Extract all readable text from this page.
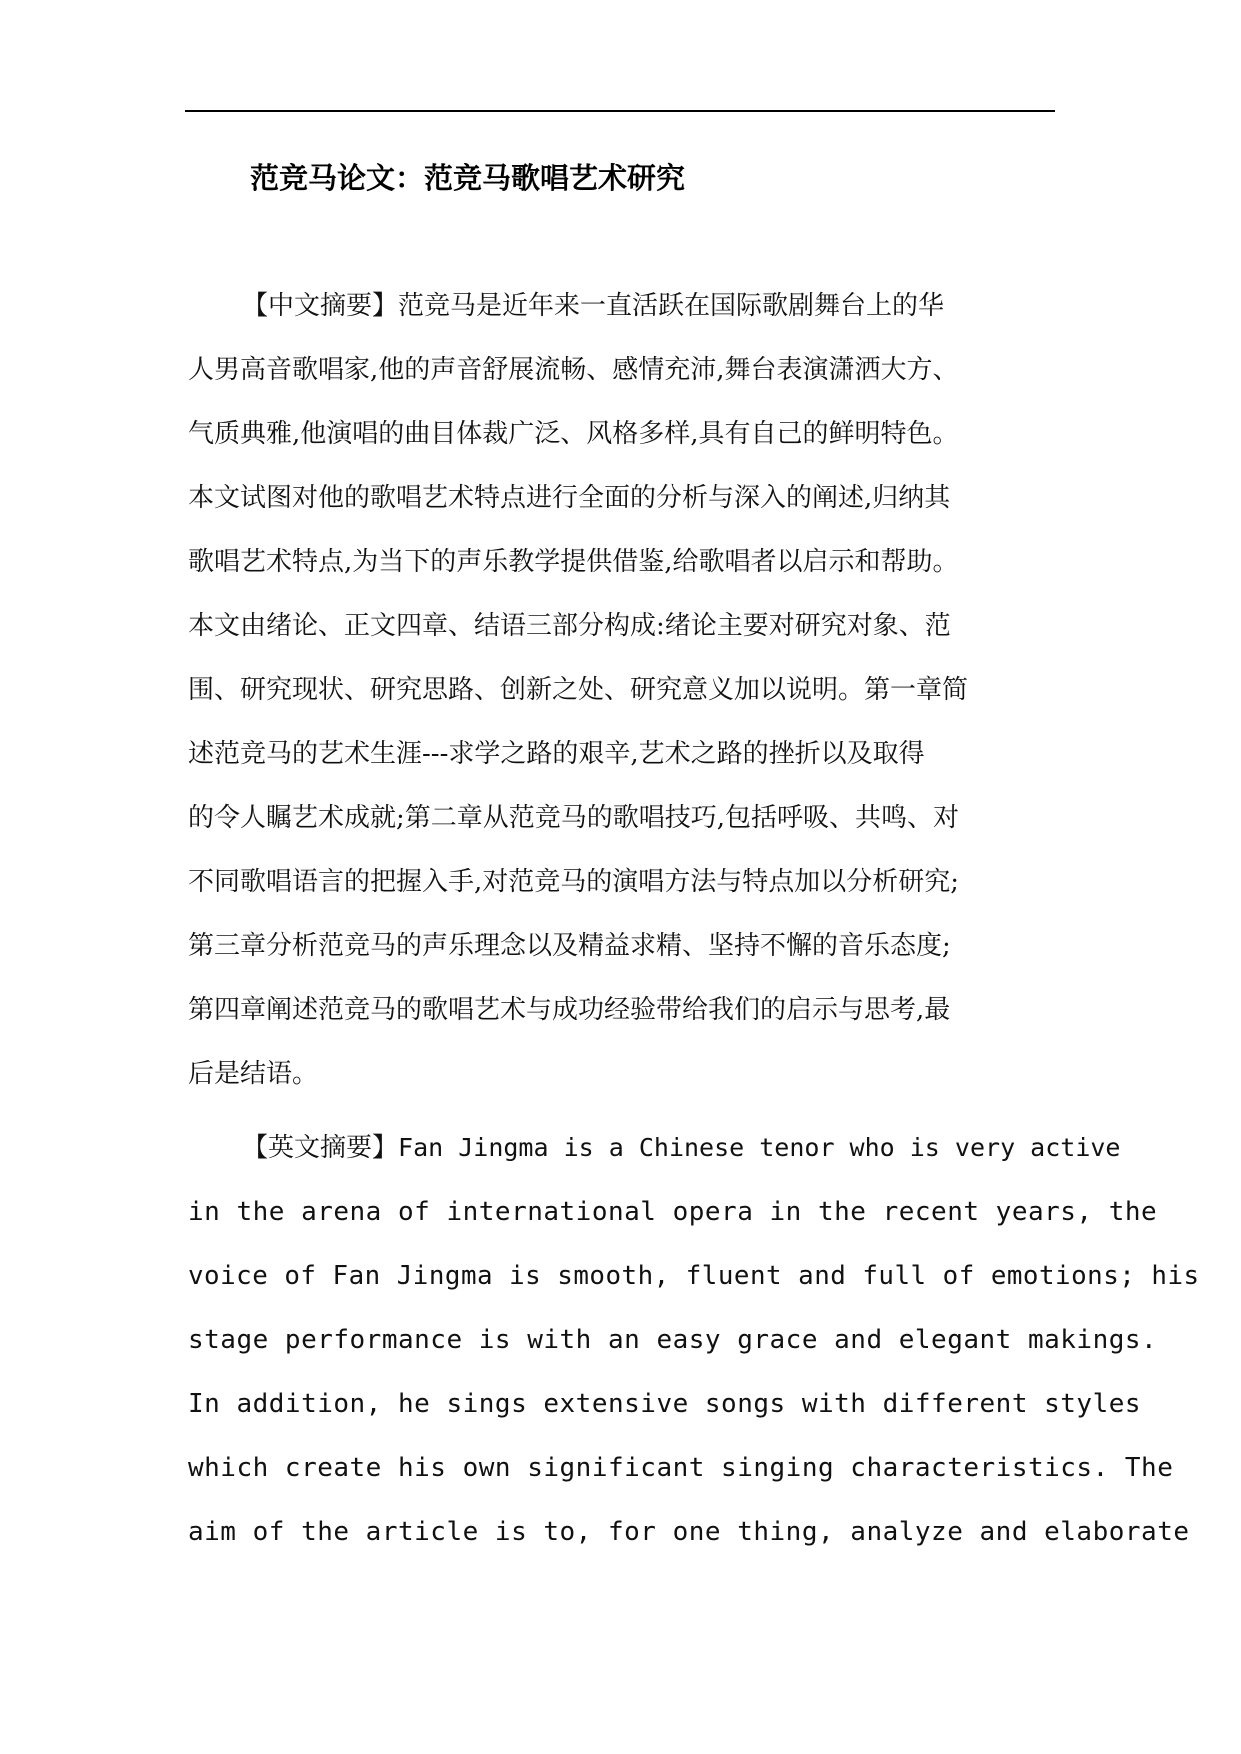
范竞马论文：范竞马歌唱艺术研究

【中文摘要】范竞马是近年来一直活跃在国际歌剧舞台上的华

人男高音歌唱家,他的声音舒展流畅、感情充沛,舞台表演潇洒大方、

气质典雅,他演唱的曲目体裁广泛、风格多样,具有自己的鲜明特色。

本文试图对他的歌唱艺术特点进行全面的分析与深入的阐述,归纳其

歌唱艺术特点,为当下的声乐教学提供借鉴,给歌唱者以启示和帮助。

本文由绪论、正文四章、结语三部分构成:绪论主要对研究对象、范

围、研究现状、研究思路、创新之处、研究意义加以说明。第一章简

述范竞马的艺术生涯---求学之路的艰辛,艺术之路的挫折以及取得

的令人瞩艺术成就;第二章从范竞马的歌唱技巧,包括呼吸、共鸣、对

不同歌唱语言的把握入手,对范竞马的演唱方法与特点加以分析研究;

第三章分析范竞马的声乐理念以及精益求精、坚持不懈的音乐态度;

第四章阐述范竞马的歌唱艺术与成功经验带给我们的启示与思考,最

后是结语。

【英文摘要】Fan Jingma is a Chinese tenor who is very active

in the arena of international opera in the recent years, the

voice of Fan Jingma is smooth, fluent and full of emotions; his

stage performance is with an easy grace and elegant makings.

In addition, he sings extensive songs with different styles

which create his own significant singing characteristics. The

aim of the article is to, for one thing, analyze and elaborate
